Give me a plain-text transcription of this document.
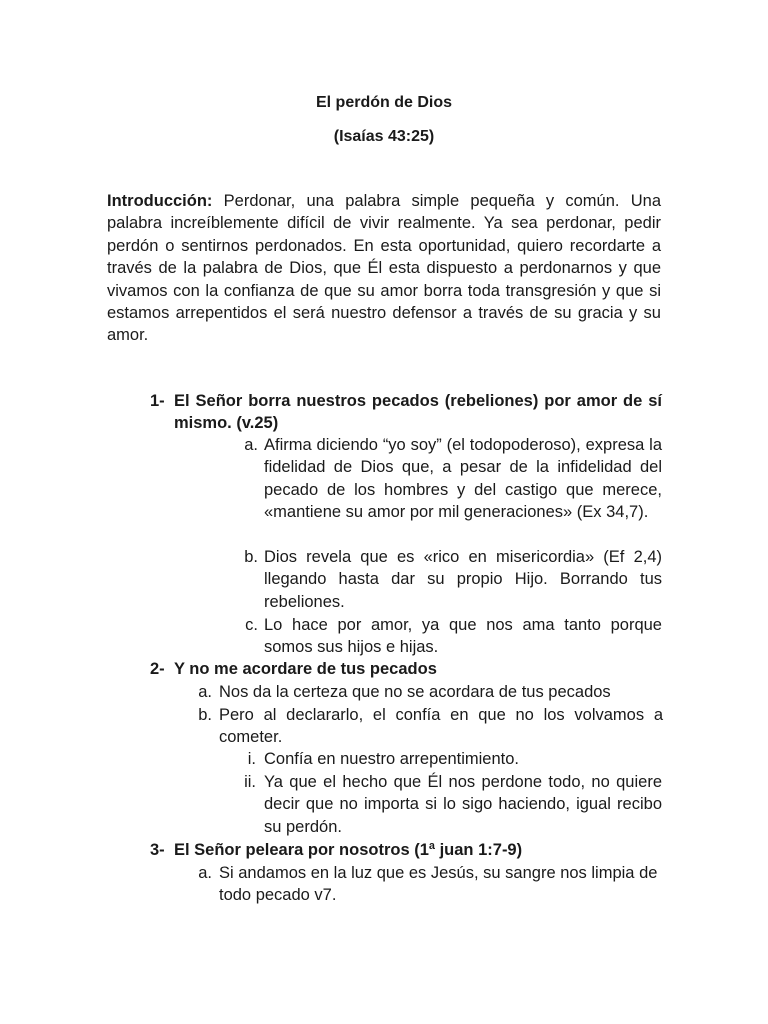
El perdón de Dios
(Isaías 43:25)
Introducción: Perdonar, una palabra simple pequeña y común. Una palabra increíblemente difícil de vivir realmente. Ya sea perdonar, pedir perdón o sentirnos perdonados. En esta oportunidad, quiero recordarte a través de la palabra de Dios, que Él esta dispuesto a perdonarnos y que vivamos con la confianza de que su amor borra toda transgresión y que si estamos arrepentidos el será nuestro defensor a través de su gracia y su amor.
1- El Señor borra nuestros pecados (rebeliones) por amor de sí mismo. (v.25)
a. Afirma diciendo “yo soy” (el todopoderoso), expresa la fidelidad de Dios que, a pesar de la infidelidad del pecado de los hombres y del castigo que merece, «mantiene su amor por mil generaciones» (Ex 34,7).
b. Dios revela que es «rico en misericordia» (Ef 2,4) llegando hasta dar su propio Hijo. Borrando tus rebeliones.
c. Lo hace por amor, ya que nos ama tanto porque somos sus hijos e hijas.
2- Y no me acordare de tus pecados
a. Nos da la certeza que no se acordara de tus pecados
b. Pero al declararlo, el confía en que no los volvamos a cometer.
i. Confía en nuestro arrepentimiento.
ii. Ya que el hecho que Él nos perdone todo, no quiere decir que no importa si lo sigo haciendo, igual recibo su perdón.
3- El Señor peleara por nosotros (1ª juan 1:7-9)
a. Si andamos en la luz que es Jesús, su sangre nos limpia de todo pecado v7.
